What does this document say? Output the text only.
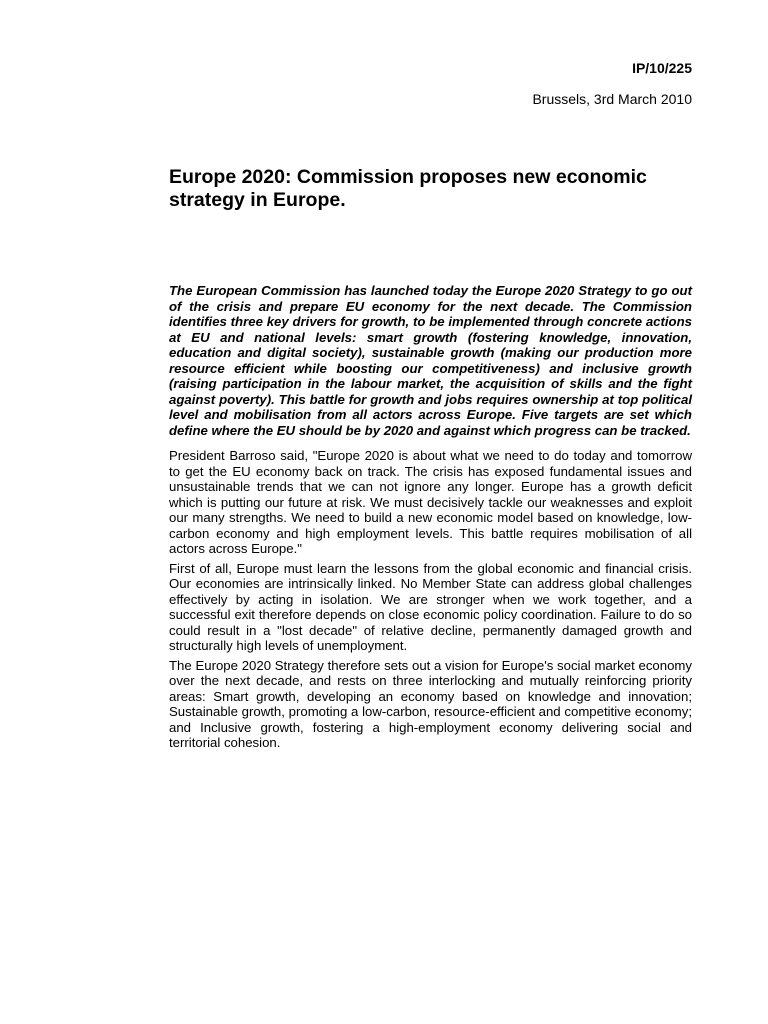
IP/10/225
Brussels, 3rd March 2010
Europe 2020: Commission proposes new economic strategy in Europe.

The European Commission has launched today the Europe 2020 Strategy to go out of the crisis and prepare EU economy for the next decade. The Commission identifies three key drivers for growth, to be implemented through concrete actions at EU and national levels: smart growth (fostering knowledge, innovation, education and digital society), sustainable growth (making our production more resource efficient while boosting our competitiveness) and inclusive growth (raising participation in the labour market, the acquisition of skills and the fight against poverty). This battle for growth and jobs requires ownership at top political level and mobilisation from all actors across Europe. Five targets are set which define where the EU should be by 2020 and against which progress can be tracked.

President Barroso said, "Europe 2020 is about what we need to do today and tomorrow to get the EU economy back on track. The crisis has exposed fundamental issues and unsustainable trends that we can not ignore any longer. Europe has a growth deficit which is putting our future at risk. We must decisively tackle our weaknesses and exploit our many strengths. We need to build a new economic model based on knowledge, low-carbon economy and high employment levels. This battle requires mobilisation of all actors across Europe."

First of all, Europe must learn the lessons from the global economic and financial crisis. Our economies are intrinsically linked. No Member State can address global challenges effectively by acting in isolation. We are stronger when we work together, and a successful exit therefore depends on close economic policy coordination. Failure to do so could result in a "lost decade" of relative decline, permanently damaged growth and structurally high levels of unemployment.

The Europe 2020 Strategy therefore sets out a vision for Europe's social market economy over the next decade, and rests on three interlocking and mutually reinforcing priority areas: Smart growth, developing an economy based on knowledge and innovation; Sustainable growth, promoting a low-carbon, resource-efficient and competitive economy; and Inclusive growth, fostering a high-employment economy delivering social and territorial cohesion.
